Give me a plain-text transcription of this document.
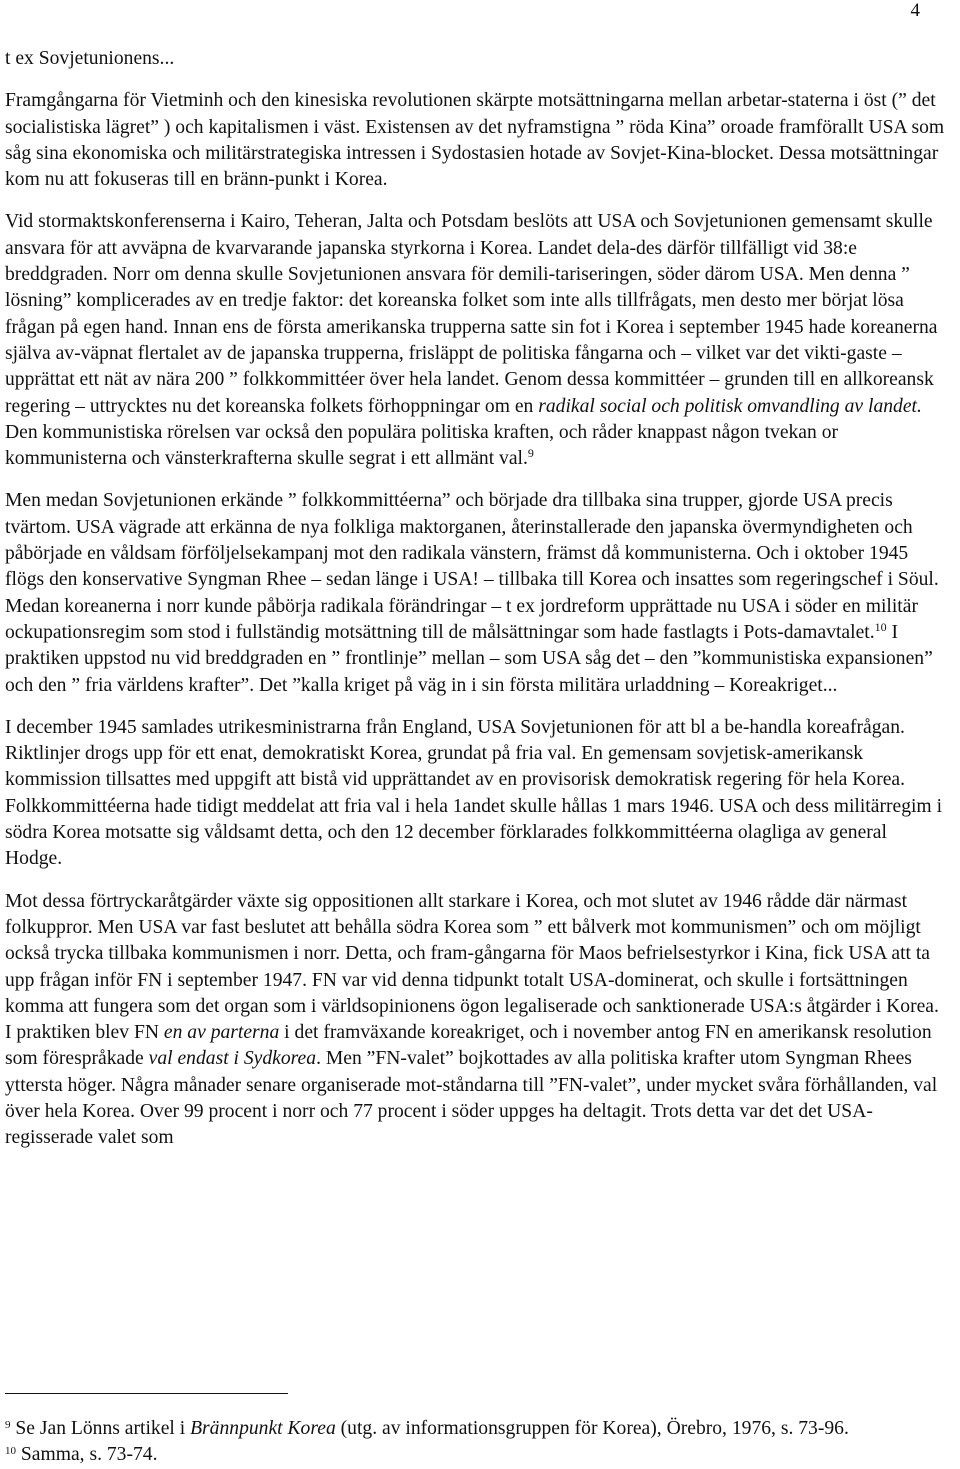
4

t ex Sovjetunionens...

Framgångarna för Vietminh och den kinesiska revolutionen skärpte motsättningarna mellan arbetar-staterna i öst (” det socialistiska lägret” ) och kapitalismen i väst. Existensen av det nyframstigna ” röda Kina” oroade framförallt USA som såg sina ekonomiska och militärstrategiska intressen i Sydostasien hotade av Sovjet-Kina-blocket. Dessa motsättningar kom nu att fokuseras till en bränn-punkt i Korea.

Vid stormaktskonferenserna i Kairo, Teheran, Jalta och Potsdam beslöts att USA och Sovjetunionen gemensamt skulle ansvara för att avväpna de kvarvarande japanska styrkorna i Korea. Landet dela-des därför tillfälligt vid 38:e breddgraden. Norr om denna skulle Sovjetunionen ansvara för demili-tariseringen, söder därom USA. Men denna ” lösning” komplicerades av en tredje faktor: det koreanska folket som inte alls tillfrågats, men desto mer börjat lösa frågan på egen hand. Innan ens de första amerikanska trupperna satte sin fot i Korea i september 1945 hade koreanerna själva av-väpnat flertalet av de japanska trupperna, frisläppt de politiska fångarna och – vilket var det vikti-gaste – upprättat ett nät av nära 200 ” folkkommittéer över hela landet. Genom dessa kommittéer – grunden till en allkoreansk regering – uttrycktes nu det koreanska folkets förhoppningar om en radikal social och politisk omvandling av landet. Den kommunistiska rörelsen var också den populära politiska kraften, och råder knappast någon tvekan or kommunisterna och vänsterkrafterna skulle segrat i ett allmänt val.$^9$

Men medan Sovjetunionen erkände ” folkkommittéerna” och började dra tillbaka sina trupper, gjorde USA precis tvärtom. USA vägrade att erkänna de nya folkliga maktorganen, återinstallerade den japanska övermyndigheten och påbörjade en våldsam förföljelsekampanj mot den radikala vänstern, främst då kommunisterna. Och i oktober 1945 flögs den konservative Syngman Rhee – sedan länge i USA! – tillbaka till Korea och insattes som regeringschef i Söul. Medan koreanerna i norr kunde påbörja radikala förändringar – t ex jordreform upprättade nu USA i söder en militär ockupationsregim som stod i fullständig motsättning till de målsättningar som hade fastlagts i Pots-damavtalet.$^{10}$ I praktiken uppstod nu vid breddgraden en ” frontlinje” mellan – som USA såg det – den ”kommunistiska expansionen” och den ” fria världens krafter”. Det ”kalla kriget på väg in i sin första militära urladdning – Koreakriget...

I december 1945 samlades utrikesministrarna från England, USA Sovjetunionen för att bl a be-handla koreafrågan. Riktlinjer drogs upp för ett enat, demokratiskt Korea, grundat på fria val. En gemensam sovjetisk-amerikansk kommission tillsattes med uppgift att bistå vid upprättandet av en provisorisk demokratisk regering för hela Korea. Folkkommittéerna hade tidigt meddelat att fria val i hela 1andet skulle hållas 1 mars 1946. USA och dess militärregim i södra Korea motsatte sig våldsamt detta, och den 12 december förklarades folkkommittéerna olagliga av general Hodge.

Mot dessa förtryckaråtgärder växte sig oppositionen allt starkare i Korea, och mot slutet av 1946 rådde där närmast folkuppror. Men USA var fast beslutet att behålla södra Korea som ” ett bålverk mot kommunismen” och om möjligt också trycka tillbaka kommunismen i norr. Detta, och fram-gångarna för Maos befrielsestyrkor i Kina, fick USA att ta upp frågan inför FN i september 1947. FN var vid denna tidpunkt totalt USA-dominerat, och skulle i fortsättningen komma att fungera som det organ som i världsopinionens ögon legaliserade och sanktionerade USA:s åtgärder i Korea. I praktiken blev FN en av parterna i det framväxande koreakriget, och i november antog FN en amerikansk resolution som förespråkade val endast i Sydkorea. Men ”FN-valet” bojkottades av alla politiska krafter utom Syngman Rhees yttersta höger. Några månader senare organiserade mot-ståndarna till ”FN-valet”, under mycket svåra förhållanden, val över hela Korea. Over 99 procent i norr och 77 procent i söder uppges ha deltagit. Trots detta var det det USA-regisserade valet som

$^9$ Se Jan Lönns artikel i Brännpunkt Korea (utg. av informationsgruppen för Korea), Örebro, 1976, s. 73-96.

$^{10}$ Samma, s. 73-74.
